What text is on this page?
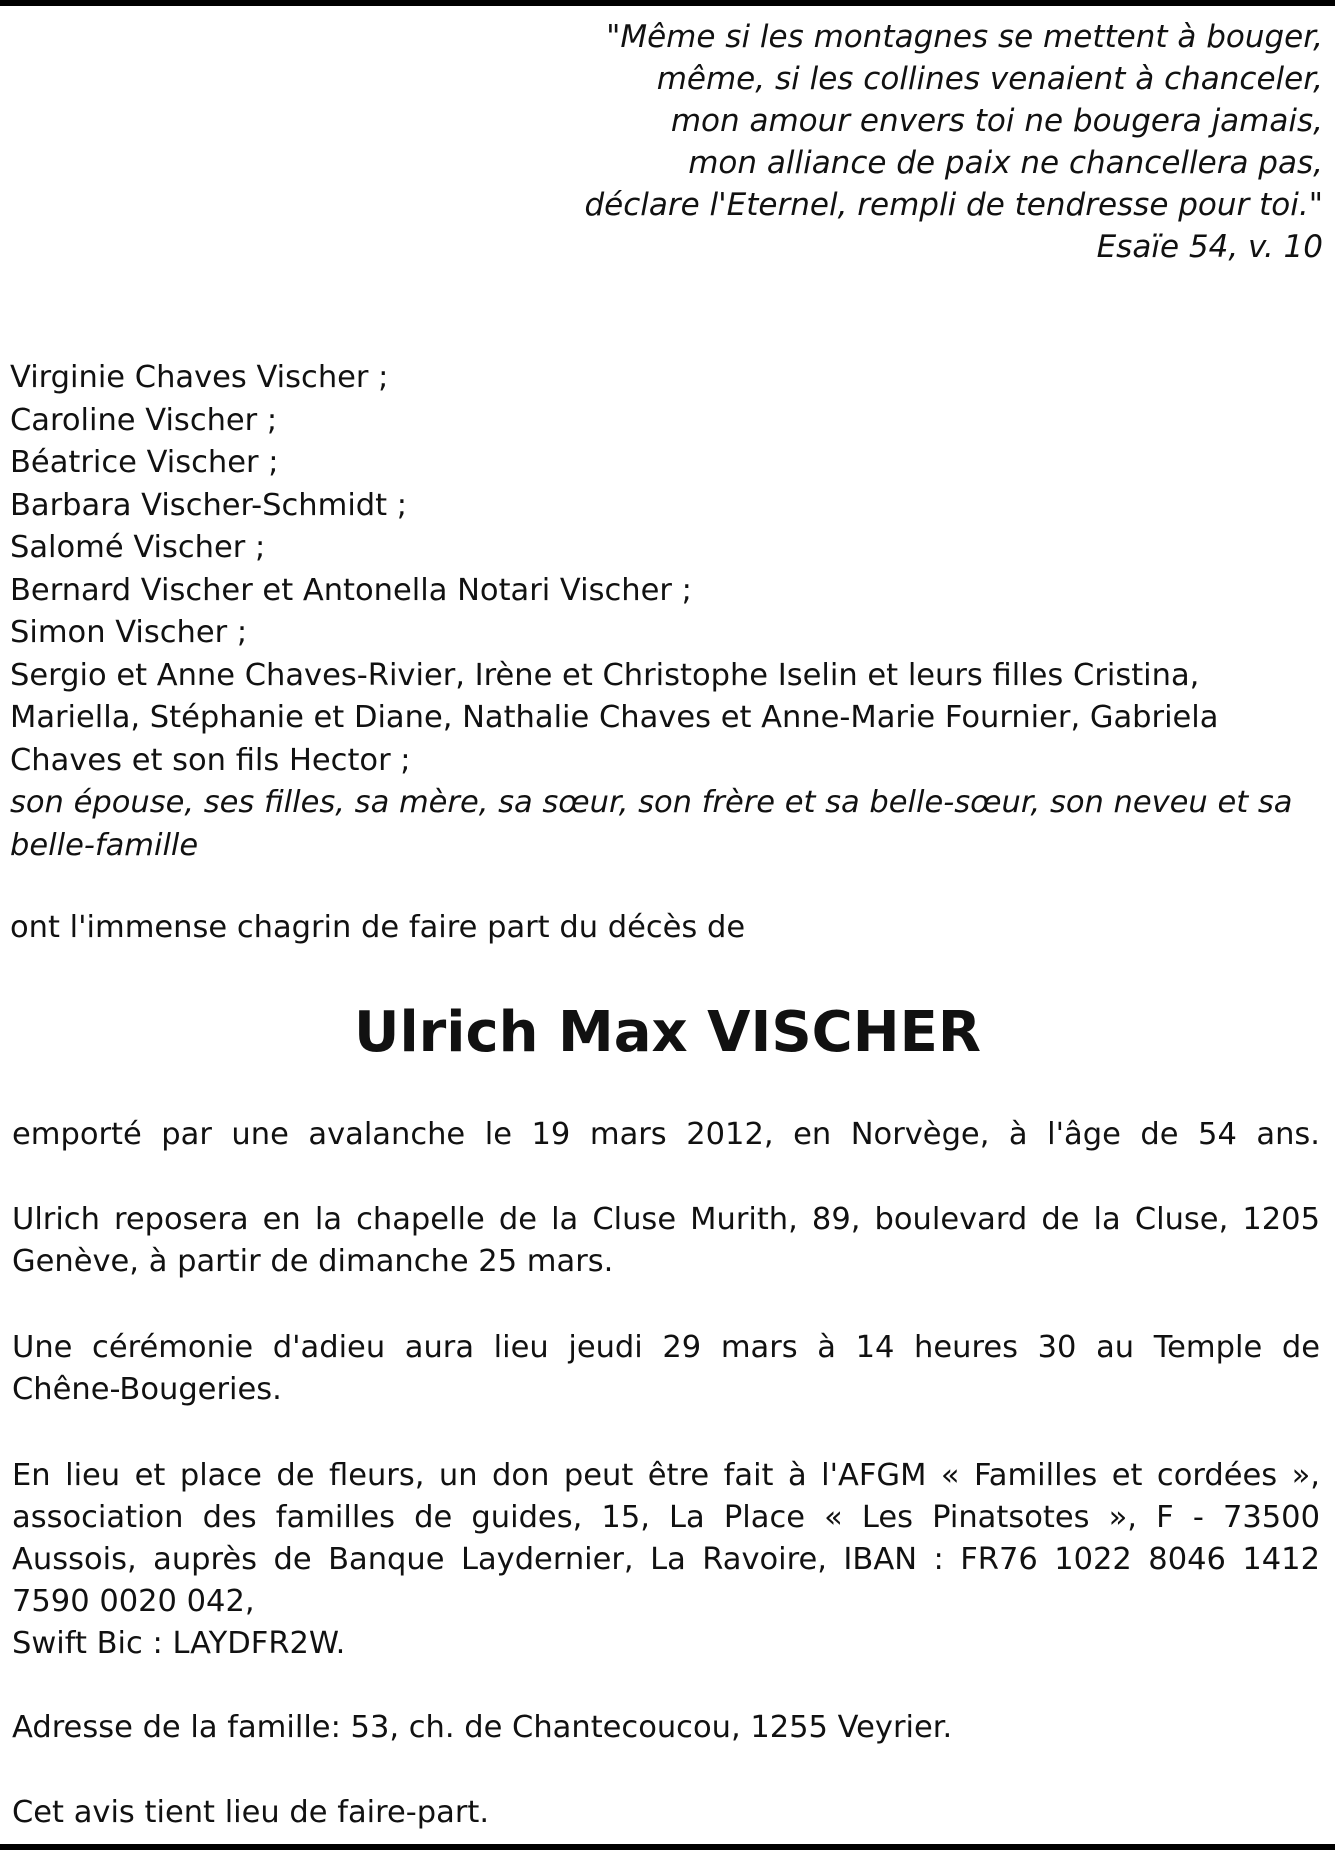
"Même si les montagnes se mettent à bouger,
même, si les collines venaient à chanceler,
mon amour envers toi ne bougera jamais,
mon alliance de paix ne chancellera pas,
déclare l'Eternel, rempli de tendresse pour toi."
Esaïe 54, v. 10
Virginie Chaves Vischer ;
Caroline Vischer ;
Béatrice Vischer ;
Barbara Vischer-Schmidt ;
Salomé Vischer ;
Bernard Vischer et Antonella Notari Vischer ;
Simon Vischer ;
Sergio et Anne Chaves-Rivier, Irène et Christophe Iselin et leurs filles Cristina,
Mariella, Stéphanie et Diane, Nathalie Chaves et Anne-Marie Fournier, Gabriela
Chaves et son fils Hector ;
son épouse, ses filles, sa mère, sa sœur, son frère et sa belle-sœur, son neveu et sa
belle-famille
ont l'immense chagrin de faire part du décès de
Ulrich Max VISCHER
emporté par une avalanche le 19 mars 2012, en Norvège, à l'âge de 54 ans.
Ulrich reposera en la chapelle de la Cluse Murith, 89, boulevard de la Cluse, 1205
Genève, à partir de dimanche 25 mars.
Une cérémonie d'adieu aura lieu jeudi 29 mars à 14 heures 30 au Temple de
Chêne-Bougeries.
En lieu et place de fleurs, un don peut être fait à l'AFGM « Familles et cordées »,
association des familles de guides, 15, La Place « Les Pinatsotes », F - 73500
Aussois, auprès de Banque Laydernier, La Ravoire, IBAN : FR76 1022 8046 1412
7590 0020 042,
Swift Bic : LAYDFR2W.
Adresse de la famille: 53, ch. de Chantecoucou, 1255 Veyrier.
Cet avis tient lieu de faire-part.
